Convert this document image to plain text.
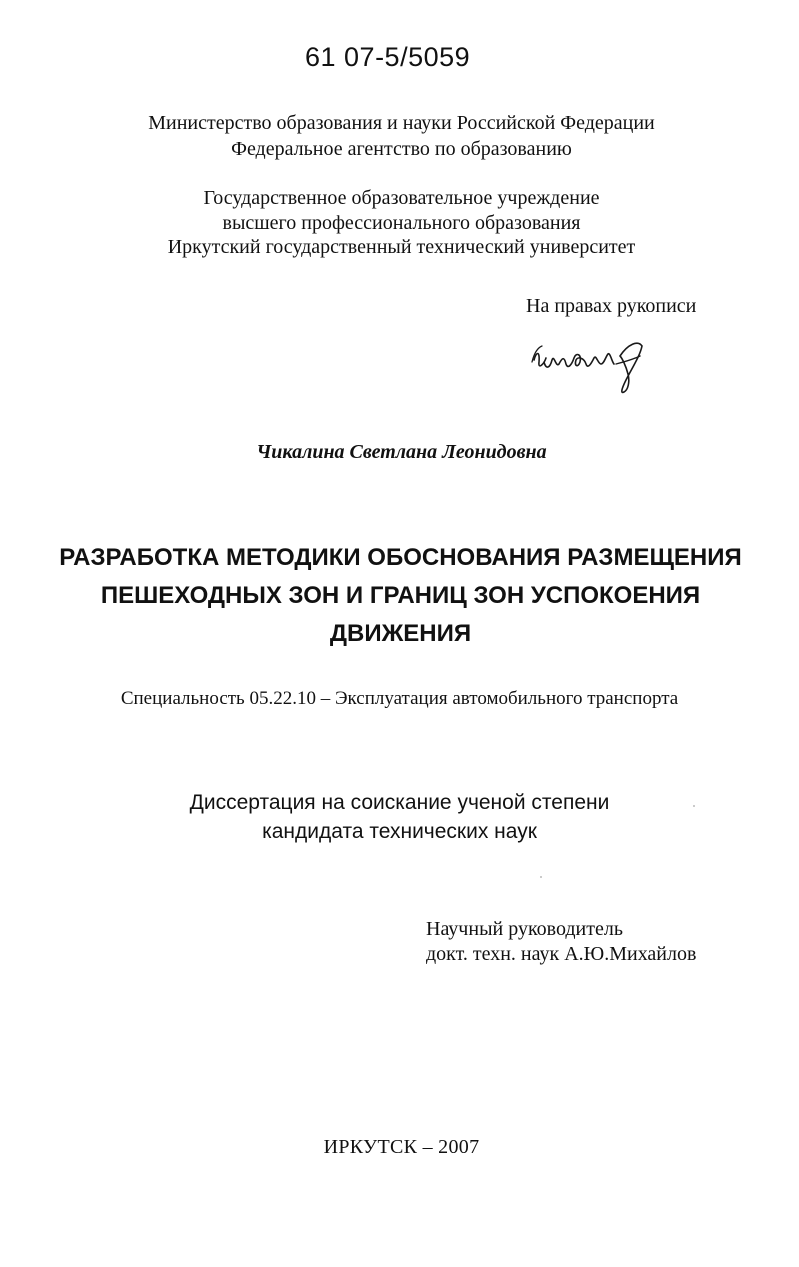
61 07-5/5059
Министерство образования и науки Российской Федерации
Федеральное агентство по образованию
Государственное образовательное учреждение
высшего профессионального образования
Иркутский государственный технический университет
На правах рукописи
Чикалина Светлана Леонидовна
РАЗРАБОТКА МЕТОДИКИ ОБОСНОВАНИЯ РАЗМЕЩЕНИЯ
ПЕШЕХОДНЫХ ЗОН И ГРАНИЦ ЗОН УСПОКОЕНИЯ
ДВИЖЕНИЯ
Специальность 05.22.10 – Эксплуатация автомобильного транспорта
Диссертация на соискание ученой степени
кандидата технических наук
Научный руководитель
докт. техн. наук А.Ю.Михайлов
ИРКУТСК – 2007
